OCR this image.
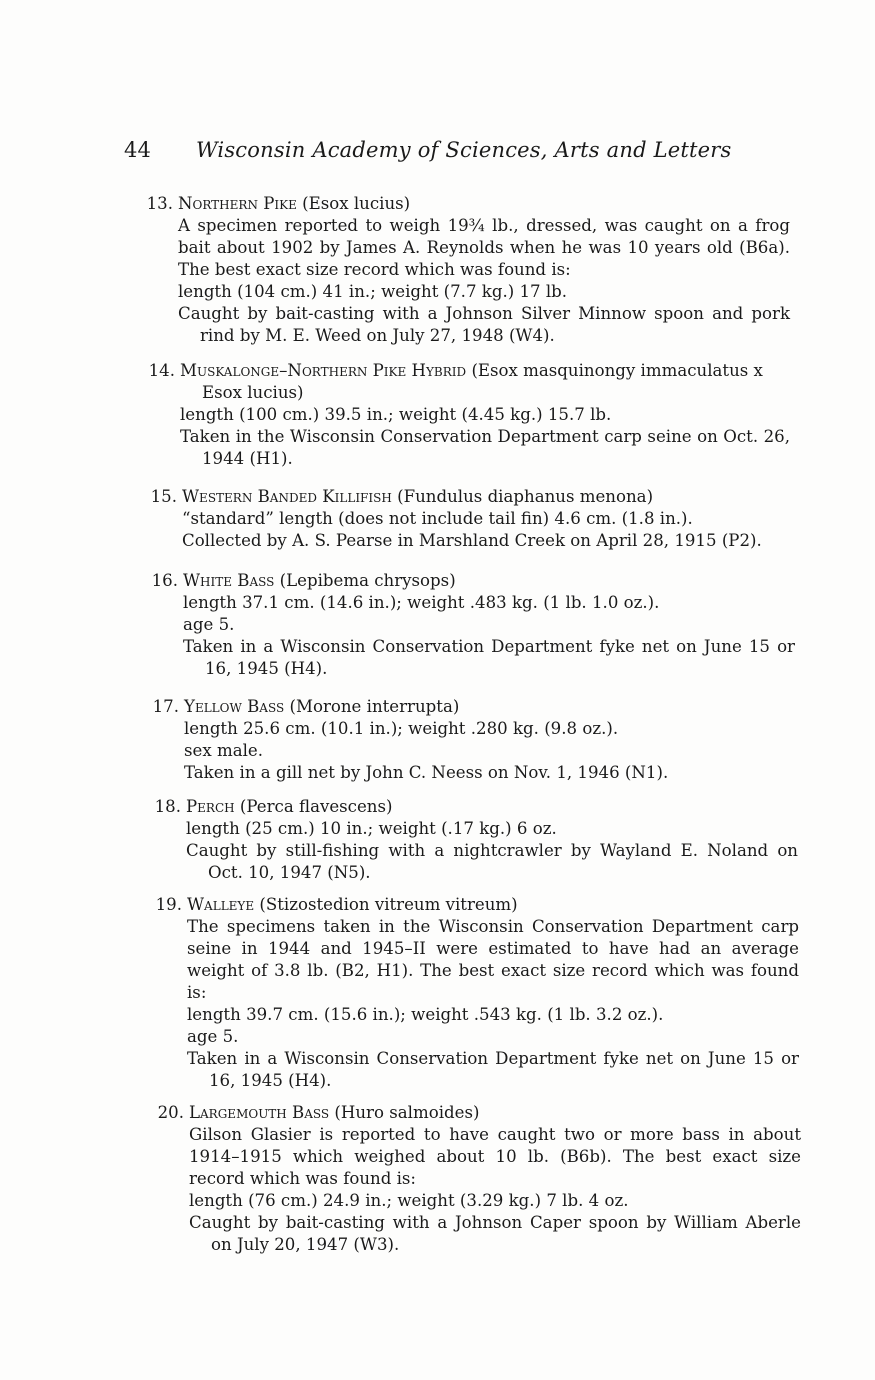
44 Wisconsin Academy of Sciences, Arts and Letters
13. Northern Pike (Esox lucius)
A specimen reported to weigh 19¾ lb., dressed, was caught on a frog bait about 1902 by James A. Reynolds when he was 10 years old (B6a). The best exact size record which was found is:
length (104 cm.) 41 in.; weight (7.7 kg.) 17 lb.
Caught by bait-casting with a Johnson Silver Minnow spoon and pork rind by M. E. Weed on July 27, 1948 (W4).
14. Muskalonge–Northern Pike Hybrid (Esox masquinongy immaculatus x Esox lucius)
length (100 cm.) 39.5 in.; weight (4.45 kg.) 15.7 lb.
Taken in the Wisconsin Conservation Department carp seine on Oct. 26, 1944 (H1).
15. Western Banded Killifish (Fundulus diaphanus menona)
“standard” length (does not include tail fin) 4.6 cm. (1.8 in.).
Collected by A. S. Pearse in Marshland Creek on April 28, 1915 (P2).
16. White Bass (Lepibema chrysops)
length 37.1 cm. (14.6 in.); weight .483 kg. (1 lb. 1.0 oz.).
age 5.
Taken in a Wisconsin Conservation Department fyke net on June 15 or 16, 1945 (H4).
17. Yellow Bass (Morone interrupta)
length 25.6 cm. (10.1 in.); weight .280 kg. (9.8 oz.).
sex male.
Taken in a gill net by John C. Neess on Nov. 1, 1946 (N1).
18. Perch (Perca flavescens)
length (25 cm.) 10 in.; weight (.17 kg.) 6 oz.
Caught by still-fishing with a nightcrawler by Wayland E. Noland on Oct. 10, 1947 (N5).
19. Walleye (Stizostedion vitreum vitreum)
The specimens taken in the Wisconsin Conservation Department carp seine in 1944 and 1945–II were estimated to have had an average weight of 3.8 lb. (B2, H1). The best exact size record which was found is:
length 39.7 cm. (15.6 in.); weight .543 kg. (1 lb. 3.2 oz.).
age 5.
Taken in a Wisconsin Conservation Department fyke net on June 15 or 16, 1945 (H4).
20. Largemouth Bass (Huro salmoides)
Gilson Glasier is reported to have caught two or more bass in about 1914–1915 which weighed about 10 lb. (B6b). The best exact size record which was found is:
length (76 cm.) 24.9 in.; weight (3.29 kg.) 7 lb. 4 oz.
Caught by bait-casting with a Johnson Caper spoon by William Aberle on July 20, 1947 (W3).
